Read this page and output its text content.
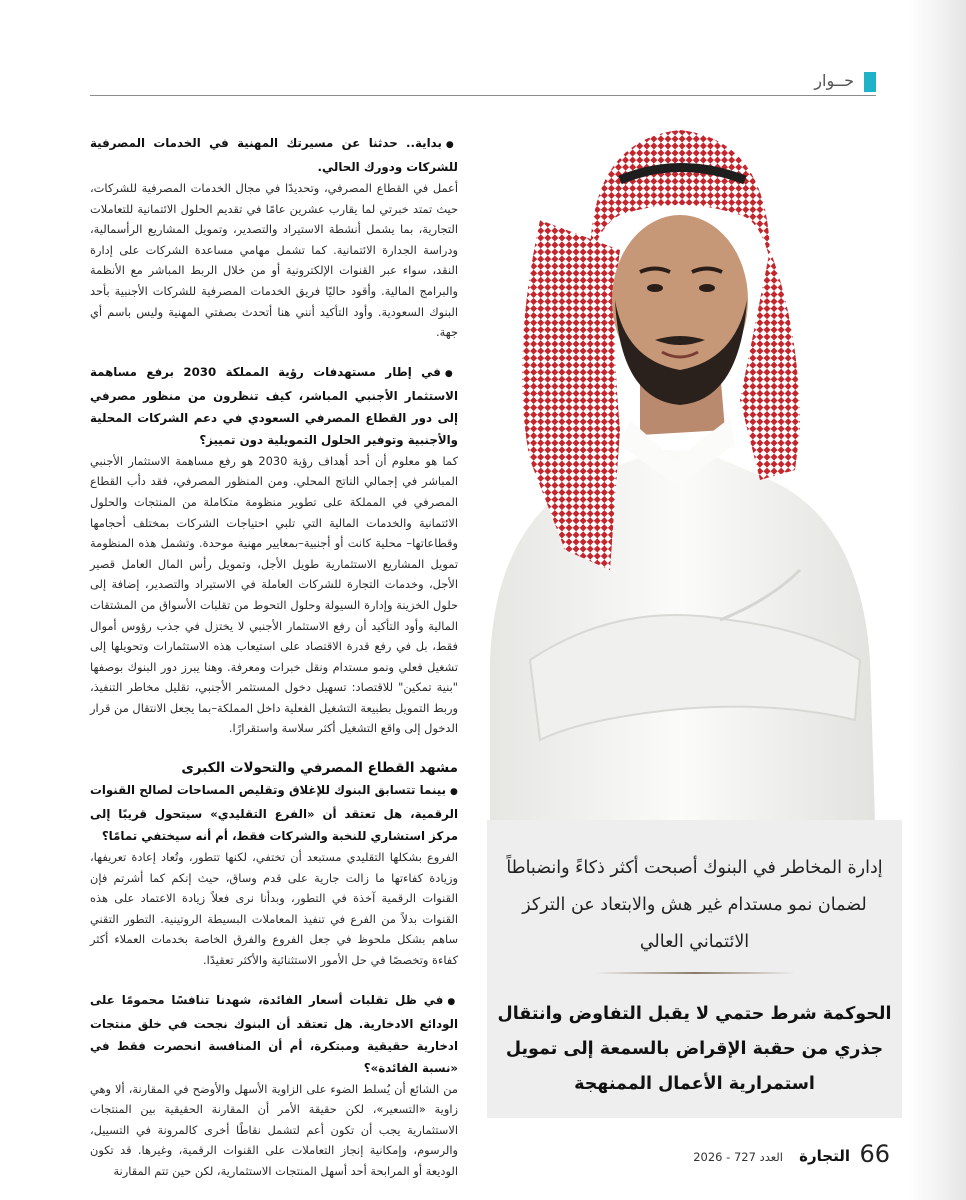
حــوار
● بداية.. حدثنا عن مسيرتك المهنية في الخدمات المصرفية للشركات ودورك الحالي.
أعمل في القطاع المصرفي، وتحديدًا في مجال الخدمات المصرفية للشركات، حيث تمتد خبرتي لما يقارب عشرين عامًا في تقديم الحلول الائتمانية للتعاملات التجارية، بما يشمل أنشطة الاستيراد والتصدير، وتمويل المشاريع الرأسمالية، ودراسة الجدارة الائتمانية. كما تشمل مهامي مساعدة الشركات على إدارة النقد، سواء عبر القنوات الإلكترونية أو من خلال الربط المباشر مع الأنظمة والبرامج المالية. وأقود حاليًا فريق الخدمات المصرفية للشركات الأجنبية بأحد البنوك السعودية. وأود التأكيد أنني هنا أتحدث بصفتي المهنية وليس باسم أي جهة.
● في إطار مستهدفات رؤية المملكة 2030 برفع مساهمة الاستثمار الأجنبي المباشر، كيف تنظرون من منظور مصرفي إلى دور القطاع المصرفي السعودي في دعم الشركات المحلية والأجنبية وتوفير الحلول التمويلية دون تمييز؟
كما هو معلوم أن أحد أهداف رؤية 2030 هو رفع مساهمة الاستثمار الأجنبي المباشر في إجمالي الناتج المحلي. ومن المنظور المصرفي، فقد دأب القطاع المصرفي في المملكة على تطوير منظومة متكاملة من المنتجات والحلول الائتمانية والخدمات المالية التي تلبي احتياجات الشركات بمختلف أحجامها وقطاعاتها– محلية كانت أو أجنبية–بمعايير مهنية موحدة. وتشمل هذه المنظومة تمويل المشاريع الاستثمارية طويل الأجل، وتمويل رأس المال العامل قصير الأجل، وخدمات التجارة للشركات العاملة في الاستيراد والتصدير، إضافة إلى حلول الخزينة وإدارة السيولة وحلول التحوط من تقلبات الأسواق من المشتقات المالية وأود التأكيد أن رفع الاستثمار الأجنبي لا يختزل في جذب رؤوس أموال فقط، بل في رفع قدرة الاقتصاد على استيعاب هذه الاستثمارات وتحويلها إلى تشغيل فعلي ونمو مستدام ونقل خبرات ومعرفة. وهنا يبرز دور البنوك بوصفها "بنية تمكين" للاقتصاد: تسهيل دخول المستثمر الأجنبي، تقليل مخاطر التنفيذ، وربط التمويل بطبيعة التشغيل الفعلية داخل المملكة–بما يجعل الانتقال من قرار الدخول إلى واقع التشغيل أكثر سلاسة واستقرارًا.
مشهد القطاع المصرفي والتحولات الكبرى
● بينما تتسابق البنوك للإغلاق وتقليص المساحات لصالح القنوات الرقمية، هل تعتقد أن «الفرع التقليدي» سيتحول قريبًا إلى مركز استشاري للنخبة والشركات فقط، أم أنه سيختفي تمامًا؟
الفروع بشكلها التقليدي مستبعد أن تختفي، لكنها تتطور، وتُعاد إعادة تعريفها، وزيادة كفاءتها ما زالت جارية على قدم وساق، حيث إنكم كما أشرتم فإن القنوات الرقمية آخذة في التطور، وبدأنا نرى فعلاً زيادة الاعتماد على هذه القنوات بدلاً من الفرع في تنفيذ المعاملات البسيطة الروتينية. التطور التقني ساهم بشكل ملحوظ في جعل الفروع والفرق الخاصة بخدمات العملاء أكثر كفاءة وتخصصًا في حل الأمور الاستثنائية والأكثر تعقيدًا.
● في ظل تقلبات أسعار الفائدة، شهدنا تنافسًا محمومًا على الودائع الادخارية. هل تعتقد أن البنوك نجحت في خلق منتجات ادخارية حقيقية ومبتكرة، أم أن المنافسة انحصرت فقط في «نسبة الفائدة»؟
من الشائع أن يُسلط الضوء على الزاوية الأسهل والأوضح في المقارنة، ألا وهي زاوية «التسعير»، لكن حقيقة الأمر أن المقارنة الحقيقية بين المنتجات الاستثمارية يجب أن تكون أعم لتشمل نقاطًا أخرى كالمرونة في التسييل، والرسوم، وإمكانية إنجاز التعاملات على القنوات الرقمية، وغيرها. قد تكون الوديعة أو المرابحة أحد أسهل المنتجات الاستثمارية، لكن حين تتم المقارنة
إدارة المخاطر في البنوك أصبحت أكثر ذكاءً وانضباطاً لضمان نمو مستدام غير هش والابتعاد عن التركز الائتماني العالي
الحوكمة شرط حتمي لا يقبل التفاوض وانتقال جذري من حقبة الإقراض بالسمعة إلى تمويل استمرارية الأعمال الممنهجة
66
التجارة
العدد 727 - 2026
